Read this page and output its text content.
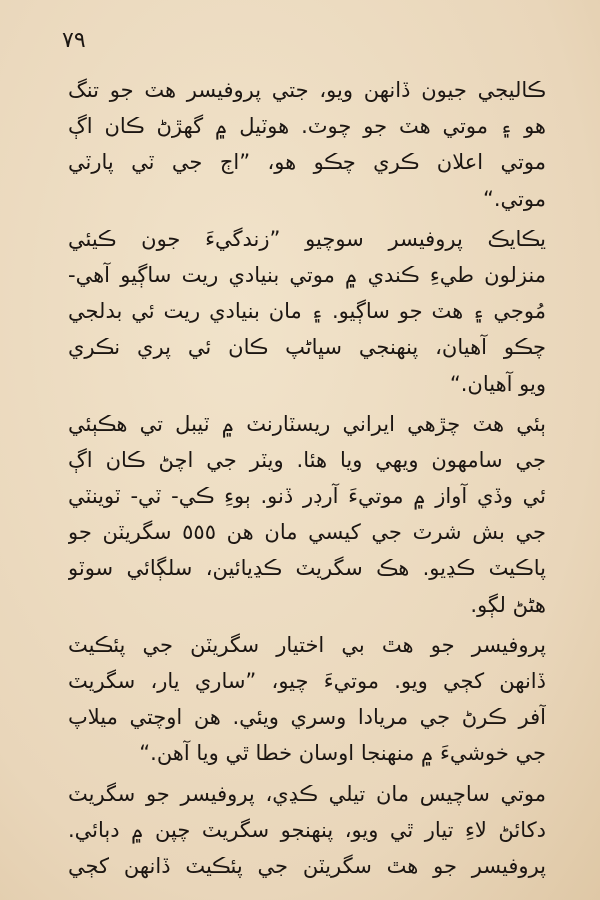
٧٩
ڪاليجي جيون ڏانهن ويو، جتي پروفيسر هٽ جو تنگ
هو ۽ موتي هٽ جو چوٽ. هوٽيل ۾ گهڙڻ ڪان اڳ
موتي اعلان ڪري چڪو هو، ”اڄ جي ٽي پارٽي
موتي.“
يڪايڪ پروفيسر سوچيو ”زندگيءَ جون ڪيئي
منزلون طيءِ ڪندي ۾ موتي بنيادي ريت ساڳيو آهي-
مُوجي ۽ هٽ جو ساڳيو. ۽ مان بنيادي ريت ئي بدلجي
چڪو آهيان، پنهنجي سڀاڻپ ڪان ئي پري نڪري
ويو آهيان.“
ٻئي هٽ چڙهي ايراني ريسٽارنٽ ۾ ٽيبل تي هڪٻئي
جي سامهون ويهي ويا هئا. ويٽر جي اچڻ ڪان اڳ
ئي وڏي آواز ۾ موتيءَ آرڊر ڏنو. ٻوءِ ڪي- ٽي- ٽوينٽي
جي بش شرٽ جي کيسي مان هن ٥٥٥ سگريٽن جو
پاڪيٽ ڪڍيو. هڪ سگريٽ ڪڍيائين، سلڳائي سوٽو
هڻڻ لڳو.
پروفيسر جو هٿ بي اختيار سگريٽن جي پئڪيٽ
ڏانهن کڄي ويو. موتيءَ چيو، ”ساري يار، سگريٽ
آفر ڪرڻ جي مريادا وسري ويئي. هن اوچتي ميلاپ
جي خوشيءَ ۾ منهنجا اوسان خطا ٿي ويا آهن.“
موتي ساچيس مان تيلي ڪڍي، پروفيسر جو سگريٽ
دکائڻ لاءِ تيار ٿي ويو، پنهنجو سگريٽ چپن ۾ دٻائي.
پروفيسر جو هٿ سگريٽن جي پئڪيٽ ڏانهن کڄي
